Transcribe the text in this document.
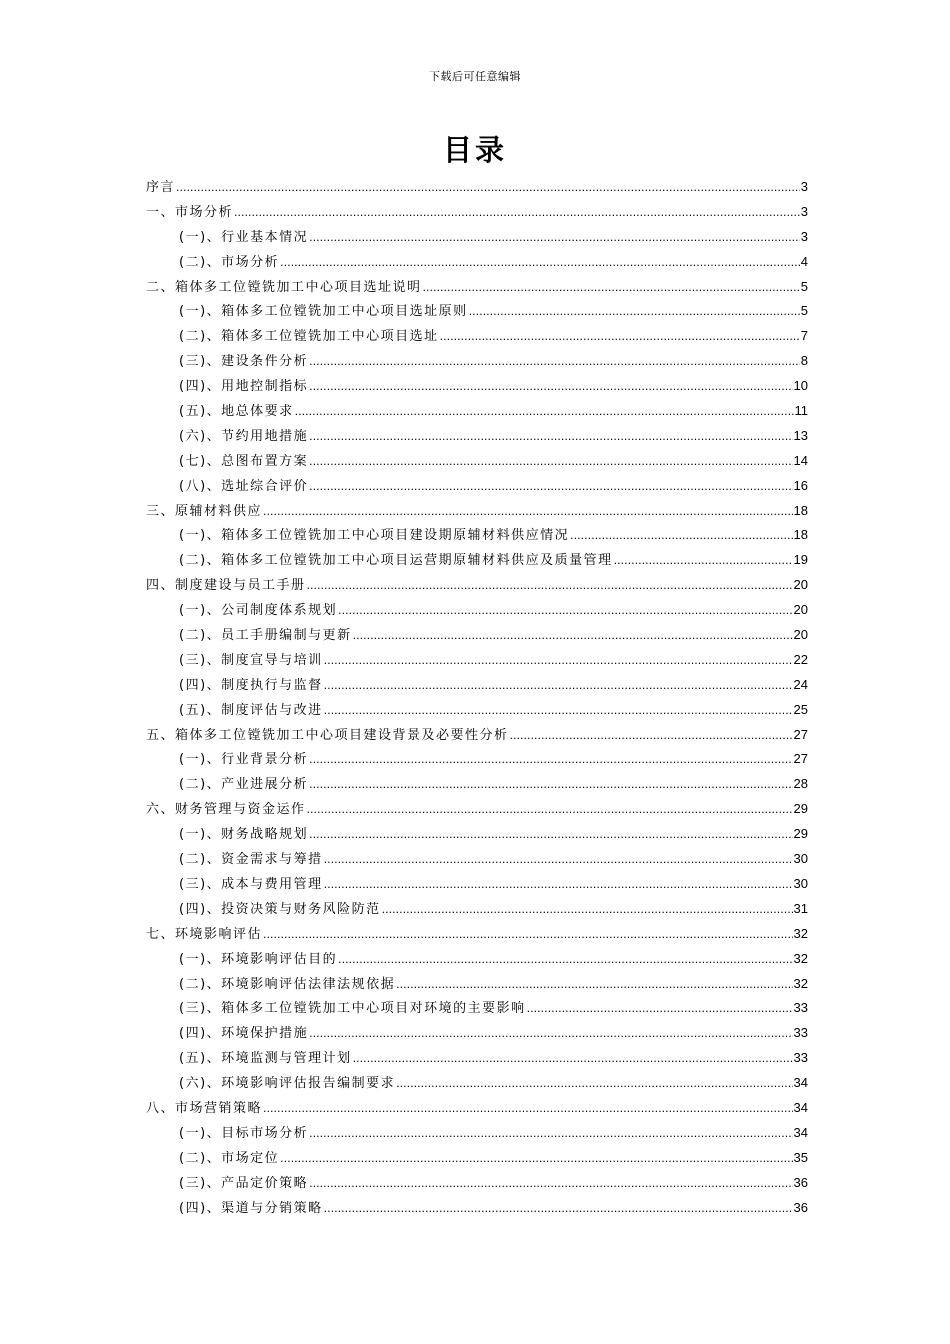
下载后可任意编辑
目录
序言 .....	3
一、市场分析 .....	3
(一)、行业基本情况 .....	3
(二)、市场分析 .....	4
二、箱体多工位镗铣加工中心项目选址说明 .....	5
(一)、箱体多工位镗铣加工中心项目选址原则 .....	5
(二)、箱体多工位镗铣加工中心项目选址 .....	7
(三)、建设条件分析 .....	8
(四)、用地控制指标 .....	10
(五)、地总体要求 .....	11
(六)、节约用地措施 .....	13
(七)、总图布置方案 .....	14
(八)、选址综合评价 .....	16
三、原辅材料供应 .....	18
(一)、箱体多工位镗铣加工中心项目建设期原辅材料供应情况 .....	18
(二)、箱体多工位镗铣加工中心项目运营期原辅材料供应及质量管理 .....	19
四、制度建设与员工手册 .....	20
(一)、公司制度体系规划 .....	20
(二)、员工手册编制与更新 .....	20
(三)、制度宣导与培训 .....	22
(四)、制度执行与监督 .....	24
(五)、制度评估与改进 .....	25
五、箱体多工位镗铣加工中心项目建设背景及必要性分析 .....	27
(一)、行业背景分析 .....	27
(二)、产业进展分析 .....	28
六、财务管理与资金运作 .....	29
(一)、财务战略规划 .....	29
(二)、资金需求与筹措 .....	30
(三)、成本与费用管理 .....	30
(四)、投资决策与财务风险防范 .....	31
七、环境影响评估 .....	32
(一)、环境影响评估目的 .....	32
(二)、环境影响评估法律法规依据 .....	32
(三)、箱体多工位镗铣加工中心项目对环境的主要影响 .....	33
(四)、环境保护措施 .....	33
(五)、环境监测与管理计划 .....	33
(六)、环境影响评估报告编制要求 .....	34
八、市场营销策略 .....	34
(一)、目标市场分析 .....	34
(二)、市场定位 .....	35
(三)、产品定价策略 .....	36
(四)、渠道与分销策略 .....	36
